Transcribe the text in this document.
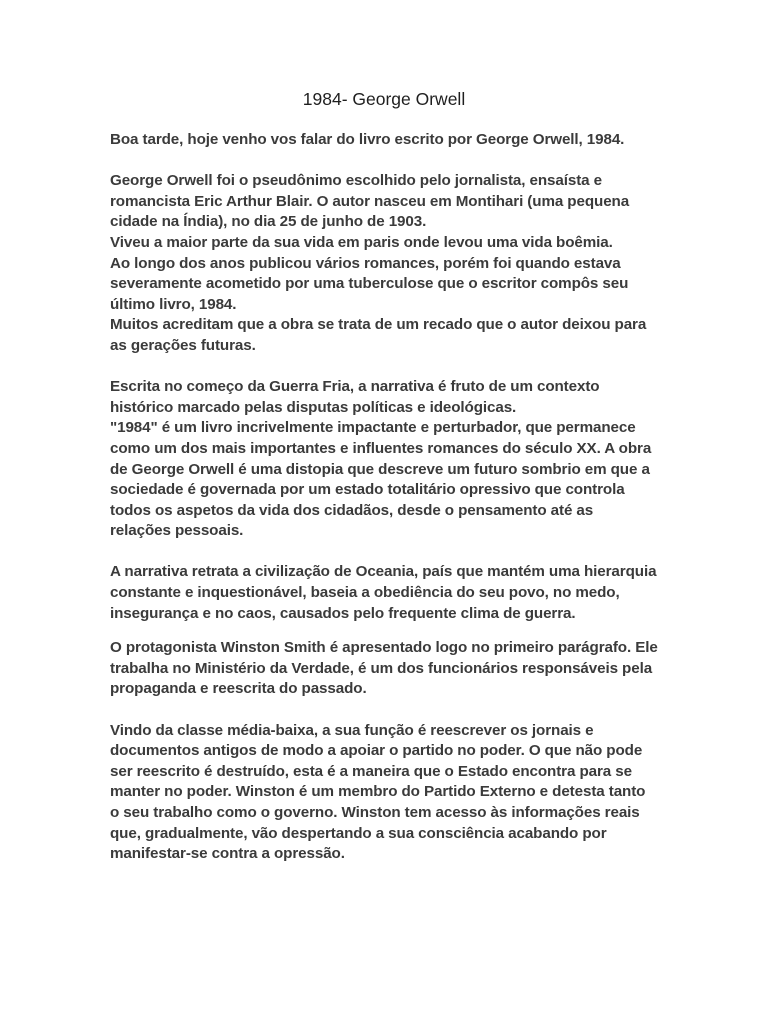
1984- George Orwell

Boa tarde, hoje venho vos falar do livro escrito por George Orwell, 1984.

George Orwell foi o pseudônimo escolhido pelo jornalista, ensaísta e romancista Eric Arthur Blair. O autor nasceu em Montihari (uma pequena cidade na Índia), no dia 25 de junho de 1903.

Viveu a maior parte da sua vida em paris onde levou uma vida boêmia.

Ao longo dos anos publicou vários romances, porém foi quando estava severamente acometido por uma tuberculose que o escritor compôs seu último livro, 1984.

Muitos acreditam que a obra se trata de um recado que o autor deixou para as gerações futuras.

Escrita no começo da Guerra Fria, a narrativa é fruto de um contexto histórico marcado pelas disputas políticas e ideológicas.

"1984" é um livro incrivelmente impactante e perturbador, que permanece como um dos mais importantes e influentes romances do século XX. A obra de George Orwell é uma distopia que descreve um futuro sombrio em que a sociedade é governada por um estado totalitário opressivo que controla todos os aspetos da vida dos cidadãos, desde o pensamento até as relações pessoais.

A narrativa retrata a civilização de Oceania, país que mantém uma hierarquia constante e inquestionável, baseia a obediência do seu povo, no medo, insegurança e no caos, causados pelo frequente clima de guerra.

O protagonista Winston Smith é apresentado logo no primeiro parágrafo. Ele trabalha no Ministério da Verdade, é um dos funcionários responsáveis pela propaganda e reescrita do passado.

Vindo da classe média-baixa, a sua função é reescrever os jornais e documentos antigos de modo a apoiar o partido no poder. O que não pode ser reescrito é destruído, esta é a maneira que o Estado encontra para se manter no poder. Winston é um membro do Partido Externo e detesta tanto o seu trabalho como o governo. Winston tem acesso às informações reais que, gradualmente, vão despertando a sua consciência acabando por manifestar-se contra a opressão.
